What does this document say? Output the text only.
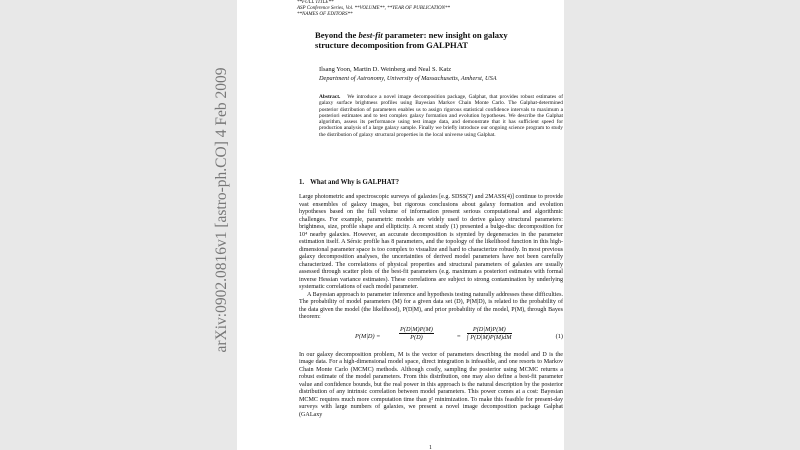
arXiv:0902.0816v1 [astro-ph.CO] 4 Feb 2009
**FULL TITLE**
ASP Conference Series, Vol. **VOLUME**, **YEAR OF PUBLICATION**
**NAMES OF EDITORS**
Beyond the best-fit parameter: new insight on galaxy structure decomposition from GALPHAT
Ilsang Yoon, Martin D. Weinberg and Neal S. Katz
Department of Astronomy, University of Massachusetts, Amherst, USA
Abstract. We introduce a novel image decomposition package, Galphat, that provides robust estimates of galaxy surface brightness profiles using Bayesian Markov Chain Monte Carlo. The Galphat-determined posterior distribution of parameters enables us to assign rigorous statistical confidence intervals to maximum a posteriori estimates and to test complex galaxy formation and evolution hypotheses. We describe the Galphat algorithm, assess its performance using test image data, and demonstrate that it has sufficient speed for production analysis of a large galaxy sample. Finally we briefly introduce our ongoing science program to study the distribution of galaxy structural properties in the local universe using Galphat.
1. What and Why is GALPHAT?

Large photometric and spectroscopic surveys of galaxies [e.g. SDSS(7) and 2MASS(4)] continue to provide vast ensembles of galaxy images, but rigorous conclusions about galaxy formation and evolution hypotheses based on the full volume of information present serious computational and algorithmic challenges. For example, parametric models are widely used to derive galaxy structural parameters: brightness, size, profile shape and ellipticity. A recent study (1) presented a bulge-disc decomposition for 10⁴ nearby galaxies. However, an accurate decomposition is stymied by degeneracies in the parameter estimation itself. A Sérsic profile has 8 parameters, and the topology of the likelihood function in this high-dimensional parameter space is too complex to visualize and hard to characterize robustly. In most previous galaxy decomposition analyses, the uncertainties of derived model parameters have not been carefully characterized. The correlations of physical properties and structural parameters of galaxies are usually assessed through scatter plots of the best-fit parameters (e.g. maximum a posteriori estimates with formal inverse Hessian variance estimates). These correlations are subject to strong contamination by underlying systematic correlations of each model parameter.

A Bayesian approach to parameter inference and hypothesis testing naturally addresses these difficulties. The probability of model parameters (M) for a given data set (D), P(M|D), is related to the probability of the data given the model (the likelihood), P(D|M), and prior probability of the model, P(M), through Bayes theorem:

P(M|D) =	$\frac{P(D|M)P(M)}{P(D)}$	= $\frac{P(D|M)P(M)}{\int P(D|M)P(M)dM}$	(1)

In our galaxy decomposition problem, M is the vector of parameters describing the model and D is the image data. For a high-dimensional model space, direct integration is infeasible, and one resorts to Markov Chain Monte Carlo (MCMC) methods. Although costly, sampling the posterior using MCMC returns a robust estimate of the model parameters. From this distribution, one may also define a best-fit parameter value and confidence bounds, but the real power in this approach is the natural description by the posterior distribution of any intrinsic correlation between model parameters. This power comes at a cost: Bayesian MCMC requires much more computation time than χ² minimization. To make this feasible for present-day surveys with large numbers of galaxies, we present a novel image decomposition package Galphat (GALaxy

1
